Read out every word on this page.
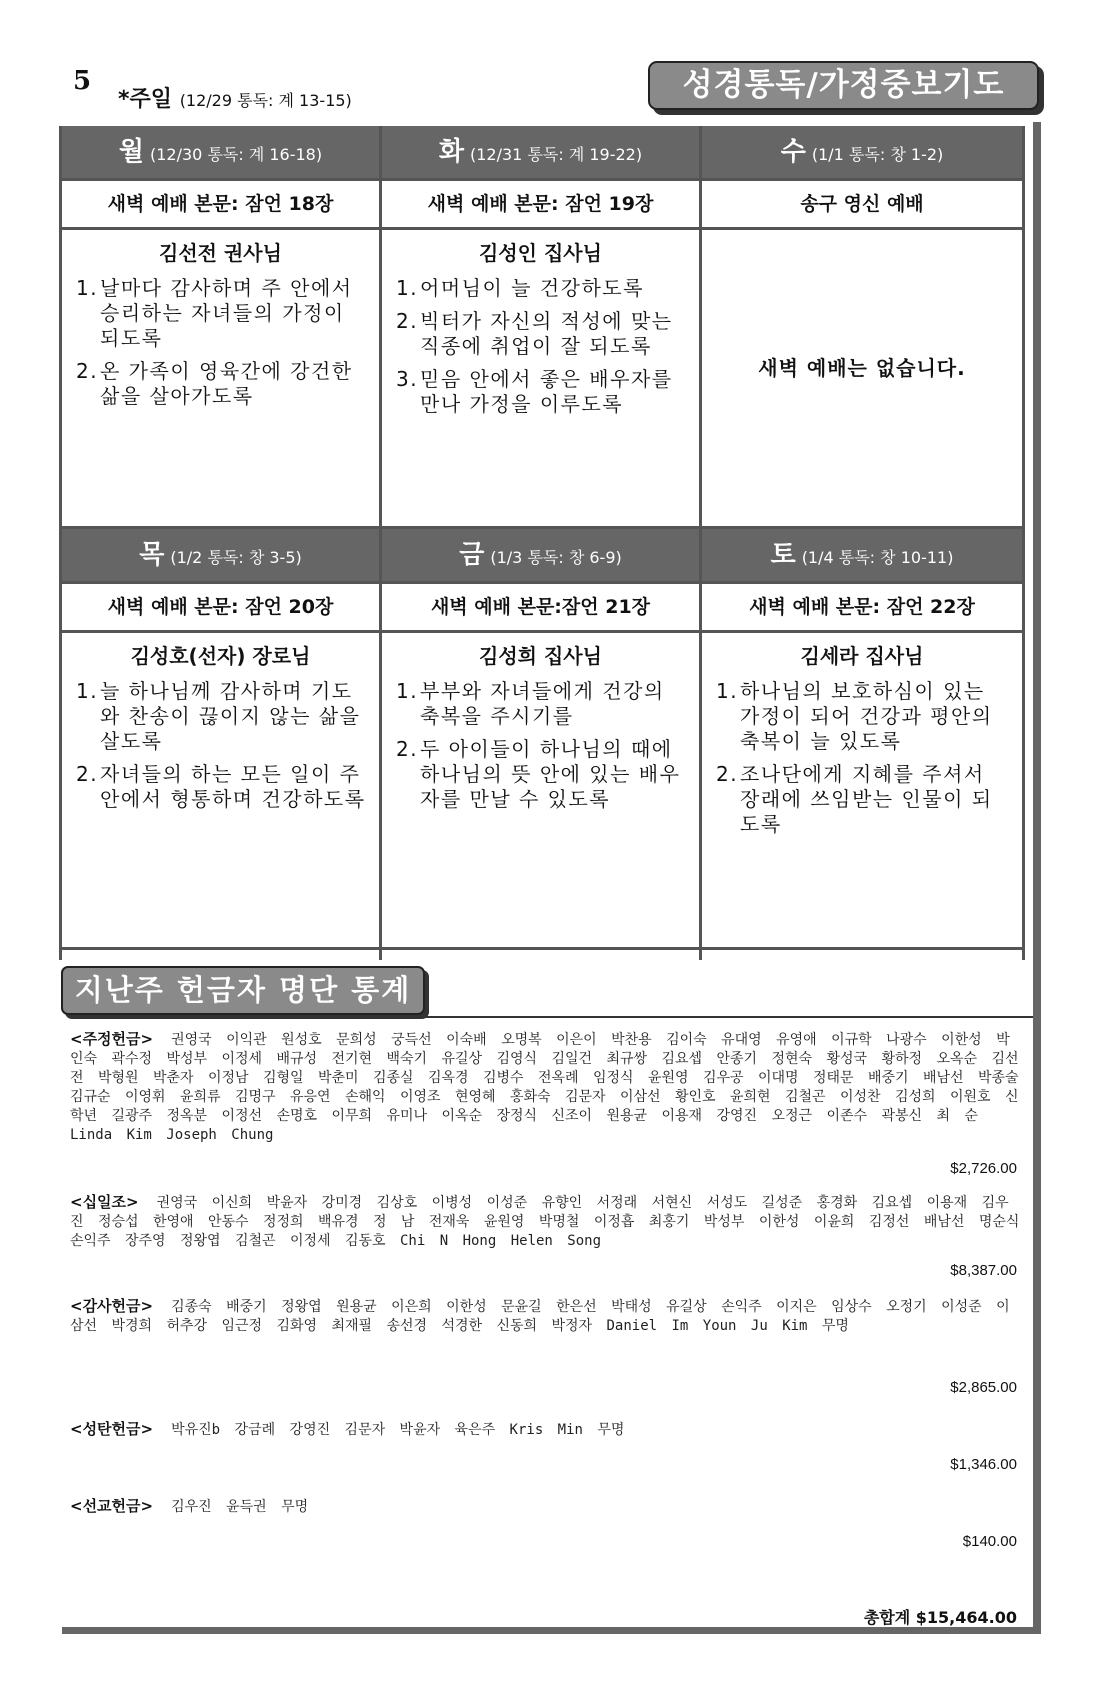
5
*주일 (12/29 통독: 계 13-15)	성경통독/가정중보기도
월 (12/30 통독: 계 16-18)
새벽 예배 본문: 잠언 18장
김선전 권사님
1. 날마다 감사하며 주 안에서 승리하는 자녀들의 가정이 되도록
2. 온 가족이 영육간에 강건한 삶을 살아가도록
화 (12/31 통독: 계 19-22)
새벽 예배 본문: 잠언 19장
김성인 집사님
1. 어머님이 늘 건강하도록
2. 빅터가 자신의 적성에 맞는 직종에 취업이 잘 되도록
3. 믿음 안에서 좋은 배우자를 만나 가정을 이루도록
수 (1/1 통독: 창 1-2)
송구 영신 예배
새벽 예배는 없습니다.
목 (1/2 통독: 창 3-5)
새벽 예배 본문: 잠언 20장
김성호(선자) 장로님
1. 늘 하나님께 감사하며 기도와 찬송이 끊이지 않는 삶을 살도록
2. 자녀들의 하는 모든 일이 주 안에서 형통하며 건강하도록
금 (1/3 통독: 창 6-9)
새벽 예배 본문:잠언 21장
김성희 집사님
1. 부부와 자녀들에게 건강의 축복을 주시기를
2. 두 아이들이 하나님의 때에 하나님의 뜻 안에 있는 배우자를 만날 수 있도록
토 (1/4 통독: 창 10-11)
새벽 예배 본문: 잠언 22장
김세라 집사님
1. 하나님의 보호하심이 있는 가정이 되어 건강과 평안의 축복이 늘 있도록
2. 조나단에게 지혜를 주셔서 장래에 쓰임받는 인물이 되도록
지난주 헌금자 명단 통계
<주정헌금> 권영국 이익관 원성호 문희성 궁득선 이숙배 오명복 이은이 박찬용 김이숙 유대영 유영애 이규학 나광수 이한성 박인숙 곽수정 박성부 이정세 배규성 전기현 백숙기 유길상 김영식 김일건 최규쌍 김요셉 안종기 정현숙 황성국 황하정 오옥순 김선전 박형원 박춘자 이정남 김형일 박춘미 김종실 김옥경 김병수 전옥례 임정식 윤원영 김우공 이대명 정태문 배중기 배남선 박종술 김규순 이영휘 윤희류 김명구 유응연 손해익 이영조 현영혜 홍화숙 김문자 이삼선 황인호 윤희현 김철곤 이성찬 김성희 이원호 신학년 길광주 정옥분 이정선 손명호 이무희 유미나 이옥순 장정식 신조이 원용균 이용재 강영진 오정근 이존수 곽봉신 최 순 Linda Kim Joseph Chung
$2,726.00
<십일조> 권영국 이신희 박윤자 강미경 김상호 이병성 이성준 유향인 서정래 서현신 서성도 길성준 홍경화 김요셉 이용재 김우진 정승섭 한영애 안동수 정정희 백유경 정 남 전재욱 윤원영 박명철 이정흡 최홍기 박성부 이한성 이윤희 김정선 배남선 명순식 손익주 장주영 정왕엽 김철곤 이정세 김동호 Chi N Hong Helen Song
$8,387.00
<감사헌금> 김종숙 배중기 정왕엽 원용균 이은희 이한성 문윤길 한은선 박태성 유길상 손익주 이지은 임상수 오정기 이성준 이삼선 박경희 허추강 임근정 김화영 최재필 송선경 석경한 신동희 박정자 Daniel Im Youn Ju Kim 무명
$2,865.00
<성탄헌금> 박유진b 강금례 강영진 김문자 박윤자 육은주 Kris Min 무명
$1,346.00
<선교헌금> 김우진 윤득권 무명
$140.00
총합계 $15,464.00
